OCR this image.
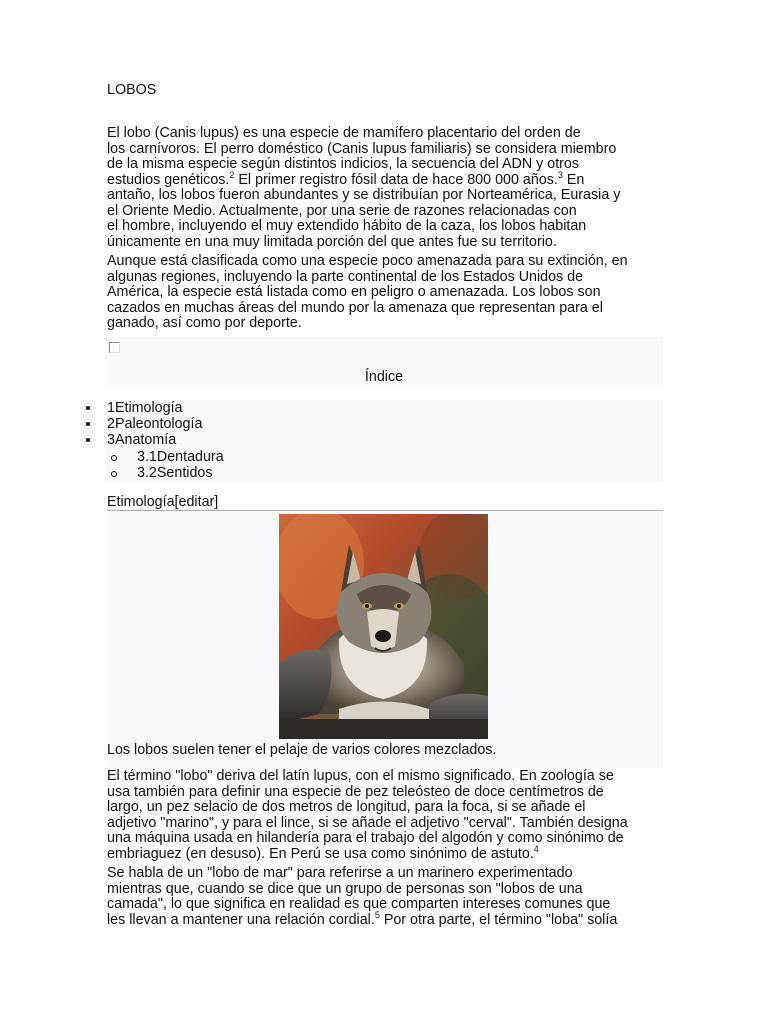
LOBOS
El lobo (Canis lupus) es una especie de mamífero placentario del orden de
los carnívoros. El perro doméstico (Canis lupus familiaris) se considera miembro
de la misma especie según distintos indicios, la secuencia del ADN y otros
estudios genéticos.$^2$ El primer registro fósil data de hace 800 000 años.$^3$ En
antaño, los lobos fueron abundantes y se distribuían por Norteamérica, Eurasia y
el Oriente Medio. Actualmente, por una serie de razones relacionadas con
el hombre, incluyendo el muy extendido hábito de la caza, los lobos habitan
únicamente en una muy limitada porción del que antes fue su territorio.
Aunque está clasificada como una especie poco amenazada para su extinción, en
algunas regiones, incluyendo la parte continental de los Estados Unidos de
América, la especie está listada como en peligro o amenazada. Los lobos son
cazados en muchas áreas del mundo por la amenaza que representan para el
ganado, así como por deporte.
Índice
1Etimología
2Paleontología
3Anatomía
3.1Dentadura
3.2Sentidos
Etimología[editar]
Los lobos suelen tener el pelaje de varios colores mezclados.
El término "lobo" deriva del latín lupus, con el mismo significado. En zoología se
usa también para definir una especie de pez teleósteo de doce centímetros de
largo, un pez selacio de dos metros de longitud, para la foca, si se añade el
adjetivo "marino", y para el lince, si se añade el adjetivo "cerval". También designa
una máquina usada en hilandería para el trabajo del algodón y como sinónimo de
embriaguez (en desuso). En Perú se usa como sinónimo de astuto.$^4$
Se habla de un "lobo de mar" para referirse a un marinero experimentado
mientras que, cuando se dice que un grupo de personas son "lobos de una
camada", lo que significa en realidad es que comparten intereses comunes que
les llevan a mantener una relación cordial.$^5$ Por otra parte, el término "loba" solía
